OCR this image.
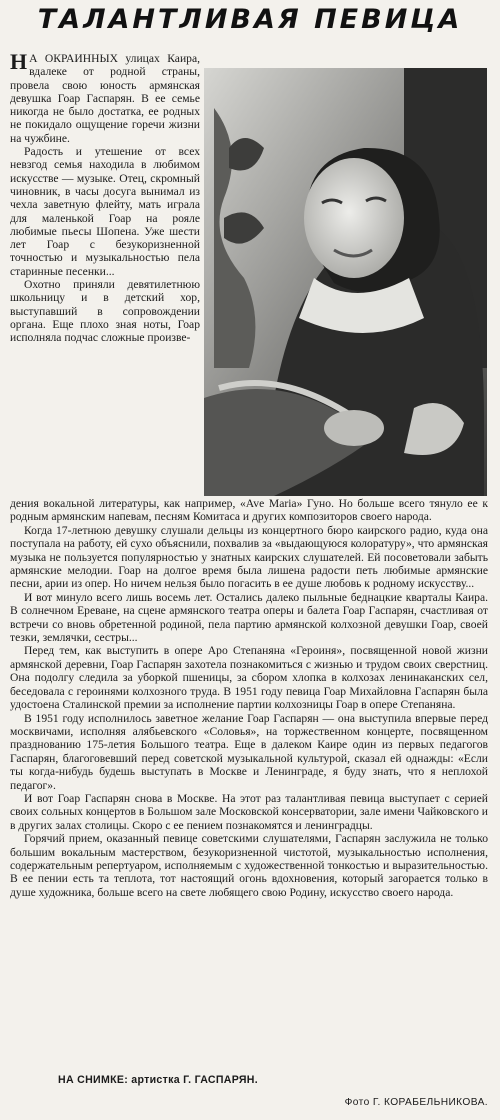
ТАЛАНТЛИВАЯ ПЕВИЦА

Н А ОКРАИННЫХ улицах Каира, вдалеке от родной страны, провела свою юность армянская девушка Гоар Гаспарян. В ее семье никогда не было достатка, ее родных не покидало ощущение горечи жизни на чужбине.

Радость и утешение от всех невзгод семья находила в любимом искусстве — музыке. Отец, скромный чиновник, в часы досуга вынимал из чехла заветную флейту, мать играла для маленькой Гоар на рояле любимые пьесы Шопена. Уже шести лет Гоар с безукоризненной точностью и музыкальностью пела старинные песенки...

Охотно приняли девятилетнюю школьницу и в детский хор, выступавший в сопровождении органа. Еще плохо зная ноты, Гоар исполняла подчас сложные произве-

дения вокальной литературы, как например, «Ave Maria» Гуно. Но больше всего тянуло ее к родным армянским напевам, песням Комитаса и других композиторов своего народа.

Когда 17-летнюю девушку слушали дельцы из концертного бюро каирского радио, куда она поступала на работу, ей сухо объяснили, похвалив за «выдающуюся колоратуру», что армянская музыка не пользуется популярностью у знатных каирских слушателей. Ей посоветовали забыть армянские мелодии. Гоар на долгое время была лишена радости петь любимые армянские песни, арии из опер. Но ничем нельзя было погасить в ее душе любовь к родному искусству...

И вот минуло всего лишь восемь лет. Остались далеко пыльные беднацкие кварталы Каира. В солнечном Ереване, на сцене армянского театра оперы и балета Гоар Гаспарян, счастливая от встречи со вновь обретенной родиной, пела партию армянской колхозной девушки Гоар, своей тезки, землячки, сестры...

Перед тем, как выступить в опере Аро Степаняна «Героиня», посвященной новой жизни армянской деревни, Гоар Гаспарян захотела познакомиться с жизнью и трудом своих сверстниц. Она подолгу следила за уборкой пшеницы, за сбором хлопка в колхозах ленинаканских сел, беседовала с героинями колхозного труда. В 1951 году певица Гоар Михайловна Гаспарян была удостоена Сталинской премии за исполнение партии колхозницы Гоар в опере Степаняна.

В 1951 году исполнилось заветное желание Гоар Гаспарян — она выступила впервые перед москвичами, исполняя алябьевского «Соловья», на торжественном концерте, посвященном празднованию 175-летия Большого театра. Еще в далеком Каире один из первых педагогов Гаспарян, благоговевший перед советской музыкальной культурой, сказал ей однажды: «Если ты когда-нибудь будешь выступать в Москве и Ленинграде, я буду знать, что я неплохой педагог».

И вот Гоар Гаспарян снова в Москве. На этот раз талантливая певица выступает с серией своих сольных концертов в Большом зале Московской консерватории, зале имени Чайковского и в других залах столицы. Скоро с ее пением познакомятся и ленинградцы.

Горячий прием, оказанный певице советскими слушателями, Гаспарян заслужила не только большим вокальным мастерством, безукоризненной чистотой, музыкальностью исполнения, содержательным репертуаром, исполняемым с художественной тонкостью и выразительностью. В ее пении есть та теплота, тот настоящий огонь вдохновения, который загорается только в душе художника, больше всего на свете любящего свою Родину, искусство своего народа.

НА СНИМКЕ: артистка Г. ГАСПАРЯН.
Фото Г. КОРАБЕЛЬНИКОВА.
